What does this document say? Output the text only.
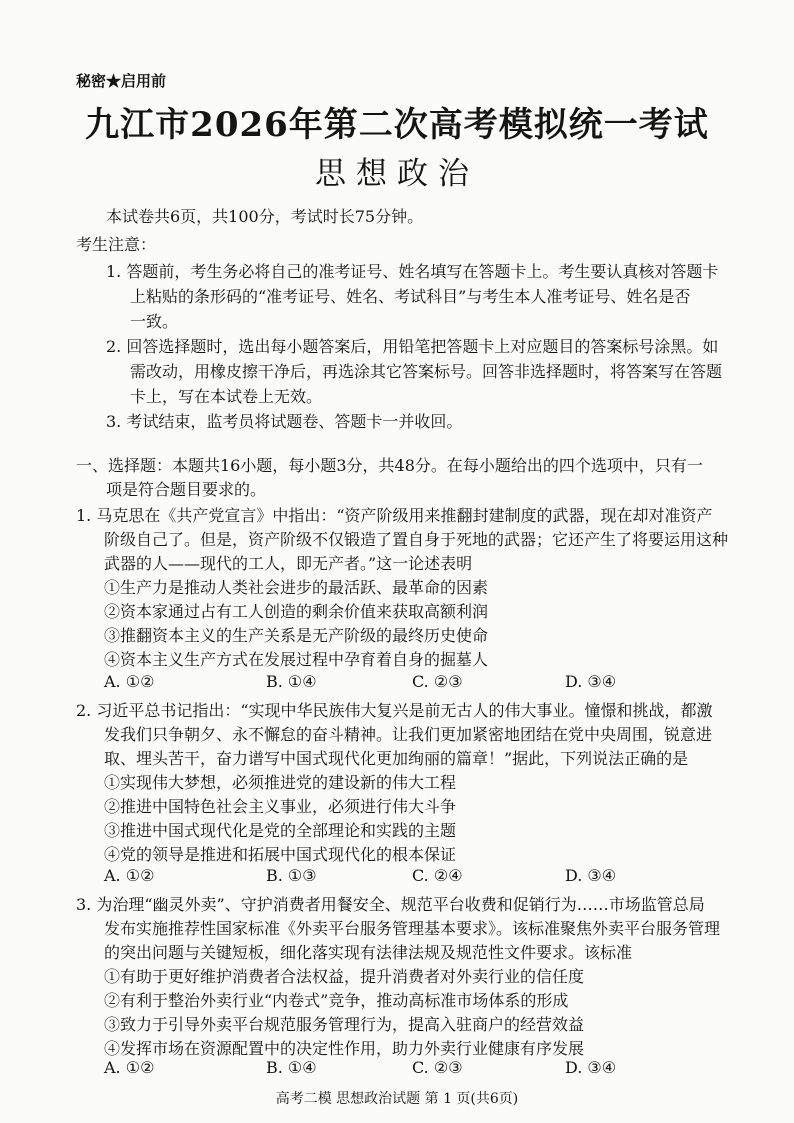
秘密★启用前
九江市2026年第二次高考模拟统一考试
思想政治
本试卷共6页，共100分，考试时长75分钟。
考生注意：
1. 答题前，考生务必将自己的准考证号、姓名填写在答题卡上。考生要认真核对答题卡
上粘贴的条形码的“准考证号、姓名、考试科目”与考生本人准考证号、姓名是否
一致。
2. 回答选择题时，选出每小题答案后，用铅笔把答题卡上对应题目的答案标号涂黑。如
需改动，用橡皮擦干净后，再选涂其它答案标号。回答非选择题时，将答案写在答题
卡上，写在本试卷上无效。
3. 考试结束，监考员将试题卷、答题卡一并收回。
一、选择题：本题共16小题，每小题3分，共48分。在每小题给出的四个选项中，只有一
项是符合题目要求的。
1. 马克思在《共产党宣言》中指出：“资产阶级用来推翻封建制度的武器，现在却对准资产
阶级自己了。但是，资产阶级不仅锻造了置自身于死地的武器；它还产生了将要运用这种
武器的人——现代的工人，即无产者。”这一论述表明
①生产力是推动人类社会进步的最活跃、最革命的因素
②资本家通过占有工人创造的剩余价值来获取高额利润
③推翻资本主义的生产关系是无产阶级的最终历史使命
④资本主义生产方式在发展过程中孕育着自身的掘墓人
A. ①②	B. ①④	C. ②③	D. ③④
2. 习近平总书记指出：“实现中华民族伟大复兴是前无古人的伟大事业。憧憬和挑战，都激
发我们只争朝夕、永不懈怠的奋斗精神。让我们更加紧密地团结在党中央周围，锐意进
取、埋头苦干，奋力谱写中国式现代化更加绚丽的篇章！”据此，下列说法正确的是
①实现伟大梦想，必须推进党的建设新的伟大工程
②推进中国特色社会主义事业，必须进行伟大斗争
③推进中国式现代化是党的全部理论和实践的主题
④党的领导是推进和拓展中国式现代化的根本保证
A. ①②	B. ①③	C. ②④	D. ③④
3. 为治理“幽灵外卖”、守护消费者用餐安全、规范平台收费和促销行为……市场监管总局
发布实施推荐性国家标准《外卖平台服务管理基本要求》。该标准聚焦外卖平台服务管理
的突出问题与关键短板，细化落实现有法律法规及规范性文件要求。该标准
①有助于更好维护消费者合法权益，提升消费者对外卖行业的信任度
②有利于整治外卖行业“内卷式”竞争，推动高标准市场体系的形成
③致力于引导外卖平台规范服务管理行为，提高入驻商户的经营效益
④发挥市场在资源配置中的决定性作用，助力外卖行业健康有序发展
A. ①②	B. ①④	C. ②③	D. ③④
高考二模 思想政治试题 第 1 页(共6页)
